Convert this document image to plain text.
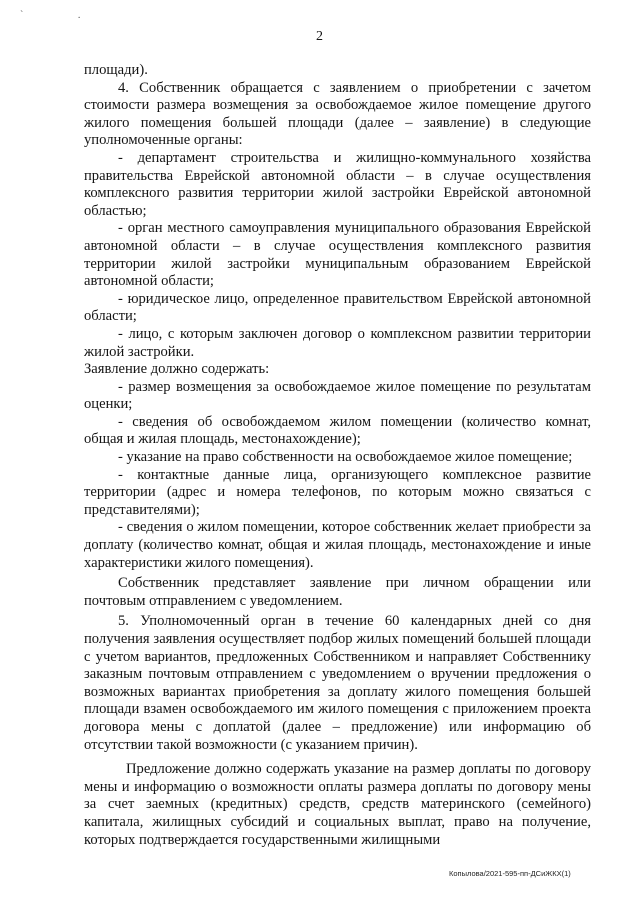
` .
2

площади).

4. Собственник обращается с заявлением о приобретении с зачетом стоимости размера возмещения за освобождаемое жилое помещение другого жилого помещения большей площади (далее – заявление) в следующие уполномоченные органы:

- департамент строительства и жилищно-коммунального хозяйства правительства Еврейской автономной области – в случае осуществления комплексного развития территории жилой застройки Еврейской автономной областью;

- орган местного самоуправления муниципального образования Еврейской автономной области – в случае осуществления комплексного развития территории жилой застройки муниципальным образованием Еврейской автономной области;

- юридическое лицо, определенное правительством Еврейской автономной области;

- лицо, с которым заключен договор о комплексном развитии территории жилой застройки.

Заявление должно содержать:

- размер возмещения за освобождаемое жилое помещение по результатам оценки;

- сведения об освобождаемом жилом помещении (количество комнат, общая и жилая площадь, местонахождение);

- указание на право собственности на освобождаемое жилое помещение;

- контактные данные лица, организующего комплексное развитие территории (адрес и номера телефонов, по которым можно связаться с представителями);

- сведения о жилом помещении, которое собственник желает приобрести за доплату (количество комнат, общая и жилая площадь, местонахождение и иные характеристики жилого помещения).

Собственник представляет заявление при личном обращении или почтовым отправлением с уведомлением.

5. Уполномоченный орган в течение 60 календарных дней со дня получения заявления осуществляет подбор жилых помещений большей площади с учетом вариантов, предложенных Собственником и направляет Собственнику заказным почтовым отправлением с уведомлением о вручении предложения о возможных вариантах приобретения за доплату жилого помещения большей площади взамен освобождаемого им жилого помещения с приложением проекта договора мены с доплатой (далее – предложение) или информацию об отсутствии такой возможности (с указанием причин).

Предложение должно содержать указание на размер доплаты по договору мены и информацию о возможности оплаты размера доплаты по договору мены за счет заемных (кредитных) средств, средств материнского (семейного) капитала, жилищных субсидий и социальных выплат, право на получение, которых подтверждается государственными жилищными

Копылова/2021-595-пп-ДСиЖКХ(1)
